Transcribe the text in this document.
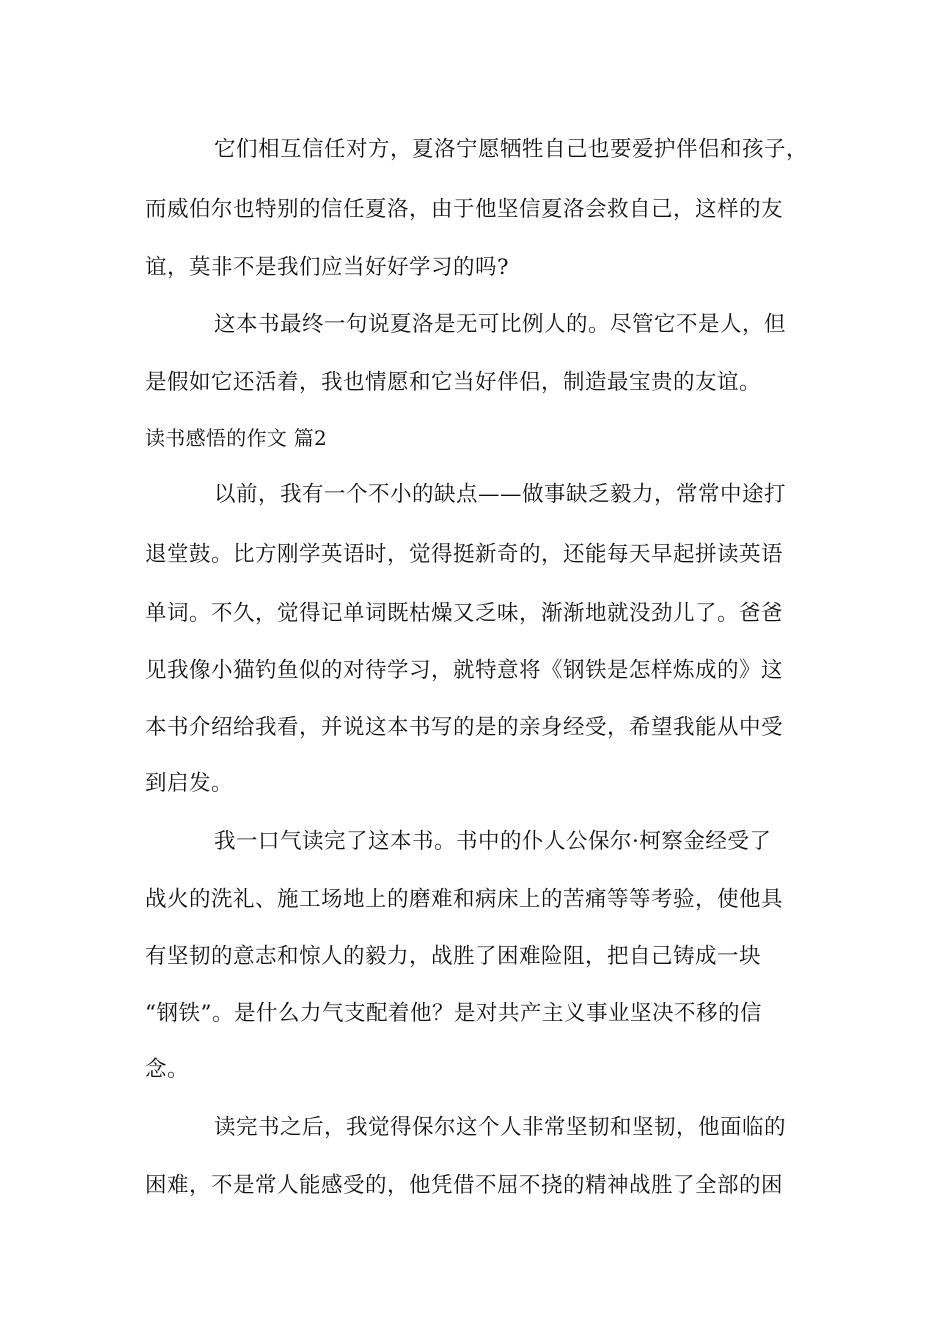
它们相互信任对方，夏洛宁愿牺牲自己也要爱护伴侣和孩子，
而威伯尔也特别的信任夏洛，由于他坚信夏洛会救自己，这样的友
谊，莫非不是我们应当好好学习的吗?
这本书最终一句说夏洛是无可比例人的。尽管它不是人，但
是假如它还活着，我也情愿和它当好伴侣，制造最宝贵的友谊。
读书感悟的作文 篇2
以前，我有一个不小的缺点——做事缺乏毅力，常常中途打
退堂鼓。比方刚学英语时，觉得挺新奇的，还能每天早起拼读英语
单词。不久，觉得记单词既枯燥又乏味，渐渐地就没劲儿了。爸爸
见我像小猫钓鱼似的对待学习，就特意将《钢铁是怎样炼成的》这
本书介绍给我看，并说这本书写的是的亲身经受，希望我能从中受
到启发。
我一口气读完了这本书。书中的仆人公保尔·柯察金经受了
战火的洗礼、施工场地上的磨难和病床上的苦痛等等考验，使他具
有坚韧的意志和惊人的毅力，战胜了困难险阻，把自己铸成一块
“钢铁”。是什么力气支配着他？是对共产主义事业坚决不移的信
念。
读完书之后，我觉得保尔这个人非常坚韧和坚韧，他面临的
困难，不是常人能感受的，他凭借不屈不挠的精神战胜了全部的困
